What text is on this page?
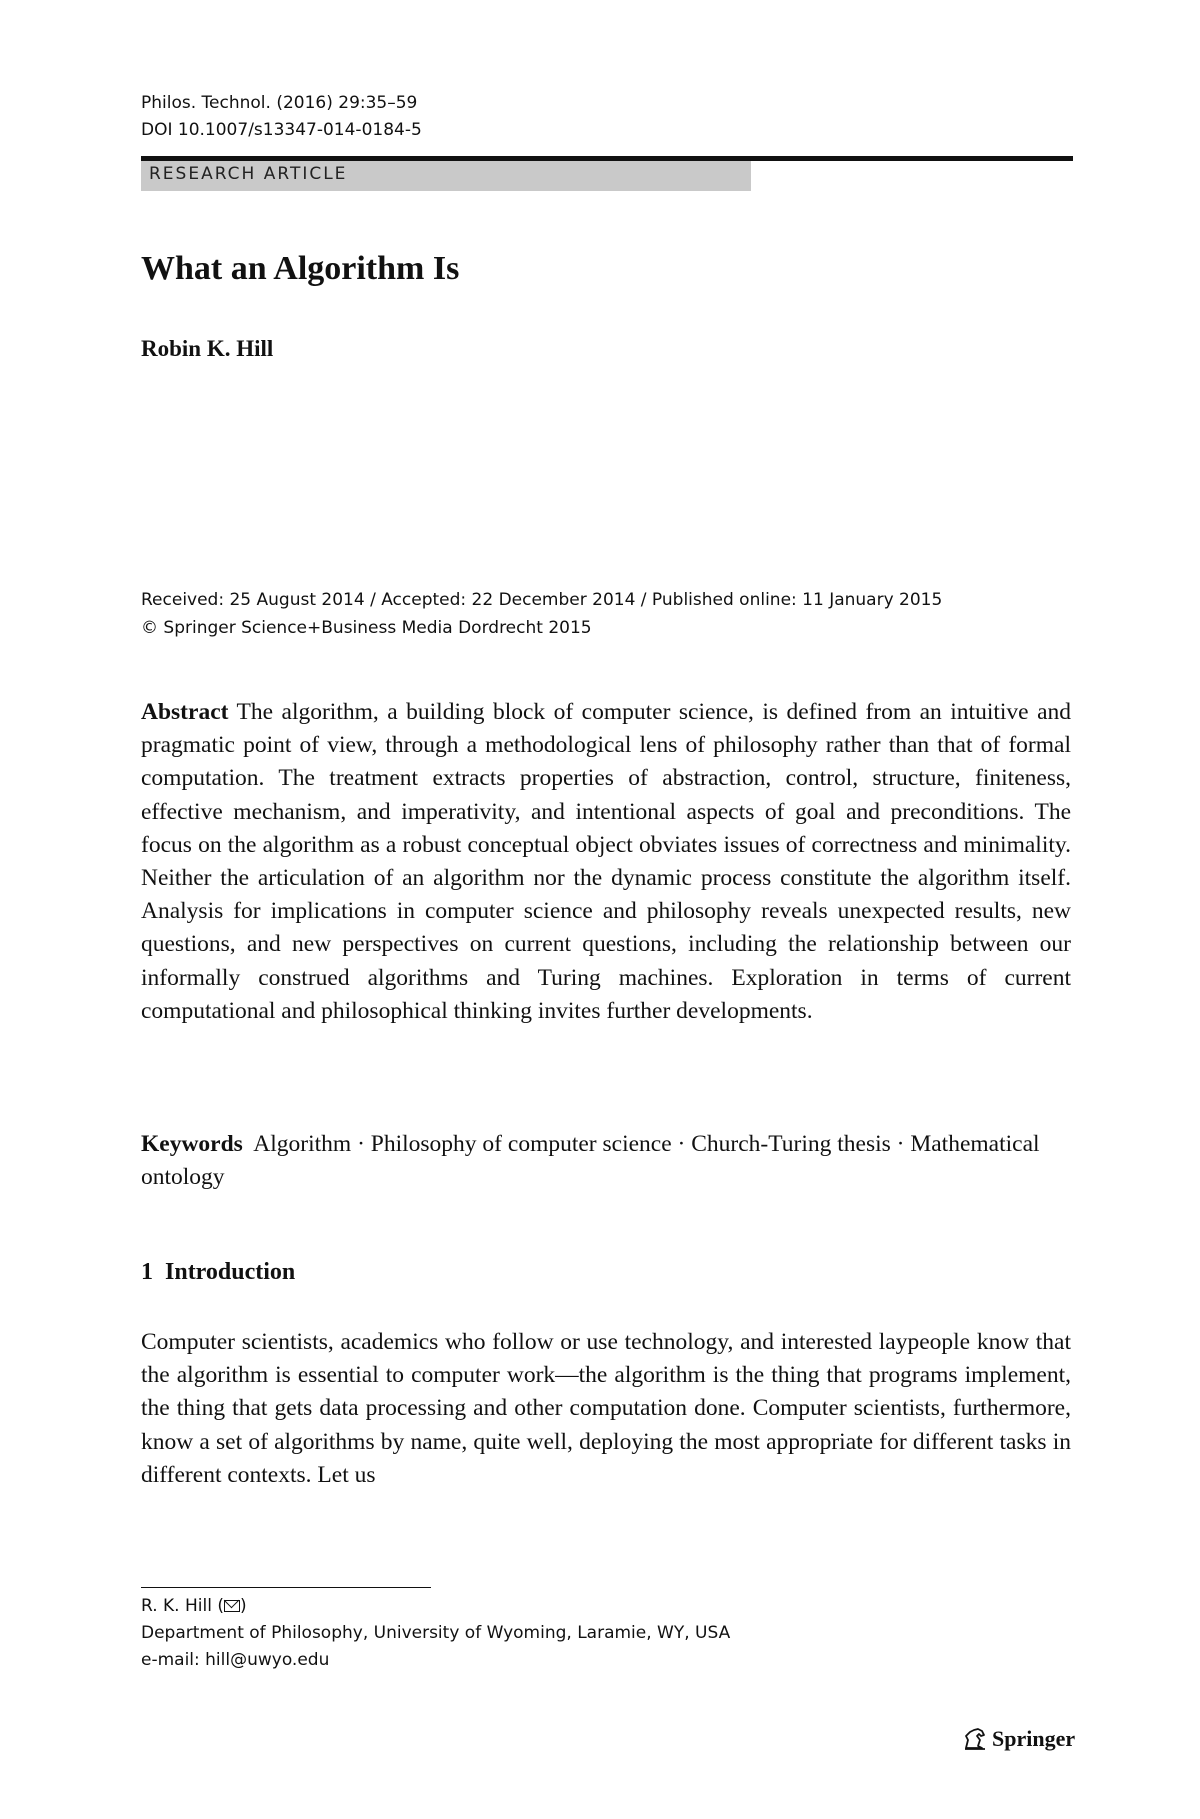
Philos. Technol. (2016) 29:35–59
DOI 10.1007/s13347-014-0184-5
RESEARCH ARTICLE
What an Algorithm Is
Robin K. Hill
Received: 25 August 2014 / Accepted: 22 December 2014 / Published online: 11 January 2015
© Springer Science+Business Media Dordrecht 2015
Abstract The algorithm, a building block of computer science, is defined from an intuitive and pragmatic point of view, through a methodological lens of philosophy rather than that of formal computation. The treatment extracts properties of abstraction, control, structure, finiteness, effective mechanism, and imperativity, and intentional aspects of goal and preconditions. The focus on the algorithm as a robust conceptual object obviates issues of correctness and minimality. Neither the articulation of an algorithm nor the dynamic process constitute the algorithm itself. Analysis for implications in computer science and philosophy reveals unexpected results, new questions, and new perspectives on current questions, including the relationship between our informally construed algorithms and Turing machines. Exploration in terms of current computational and philosophical thinking invites further developments.
Keywords Algorithm · Philosophy of computer science · Church-Turing thesis · Mathematical ontology
1 Introduction
Computer scientists, academics who follow or use technology, and interested laypeople know that the algorithm is essential to computer work—the algorithm is the thing that programs implement, the thing that gets data processing and other computation done. Computer scientists, furthermore, know a set of algorithms by name, quite well, deploying the most appropriate for different tasks in different contexts. Let us
R. K. Hill ( )
Department of Philosophy, University of Wyoming, Laramie, WY, USA
e-mail: hill@uwyo.edu
Springer
